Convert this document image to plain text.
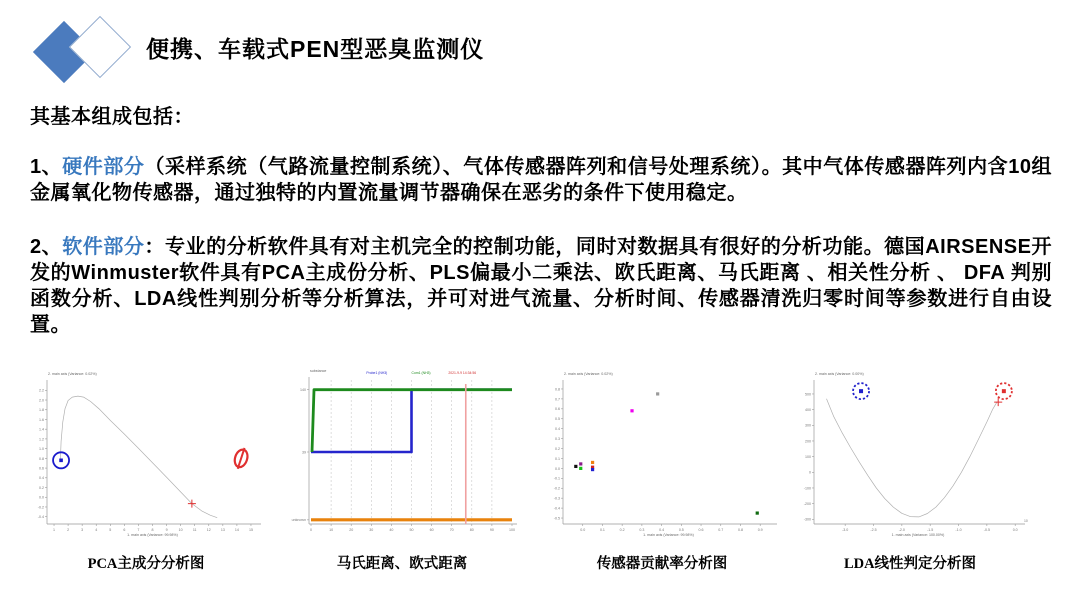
便携、车载式PEN型恶臭监测仪
其基本组成包括：

1、硬件部分（采样系统（气路流量控制系统）、气体传感器阵列和信号处理系统）。其中气体传感器阵列内含10组金属氧化物传感器，通过独特的内置流量调节器确保在恶劣的条件下使用稳定。

2、软件部分：专业的分析软件具有对主机完全的控制功能，同时对数据具有很好的分析功能。德国AIRSENSE开发的Winmuster软件具有PCA主成份分析、PLS偏最小二乘法、欧氏距离、马氏距离 、相关性分析 、 DFA 判别函数分析、LDA线性判别分析等分析算法，并可对进气流量、分析时间、传感器清洗归零时间等参数进行自由设置。

1	2	3	4	5	6	7	8	9	10	11	12	13	14	15
-0.4
-0.2
0.0
0.2
0.4
0.6
0.8
1.0
1.2
1.4
1.6
1.8
2.0
2.2
2. main axis (Variance: 0.02%)
1. main axis (Variance: 99.98%)
PCA主成分分析图
0	10	20	30	40	50	60	70	80	90	100
140
39
unknown
substance	Probe1 (NH3)	Com1 (NH3)	2021-9-9 14:34:56
马氏距离、欧式距离
0.0	0.1	0.2	0.3	0.4	0.5	0.6	0.7	0.8	0.9
-0.5
-0.4
-0.3
-0.2
-0.1
0.0
0.1
0.2
0.3
0.4
0.5
0.6
0.7
0.8
2. main axis (Variance: 0.02%)
1. main axis (Variance: 99.98%)
传感器贡献率分析图
-3.0	-2.5	-2.0	-1.5	-1.0	-0.5	0.0
-300
-200
-100
0
100
200
300
400
500
2. main axis (Variance: 0.00%)
1. main axis (Variance: 100.00%)
10
LDA线性判定分析图
